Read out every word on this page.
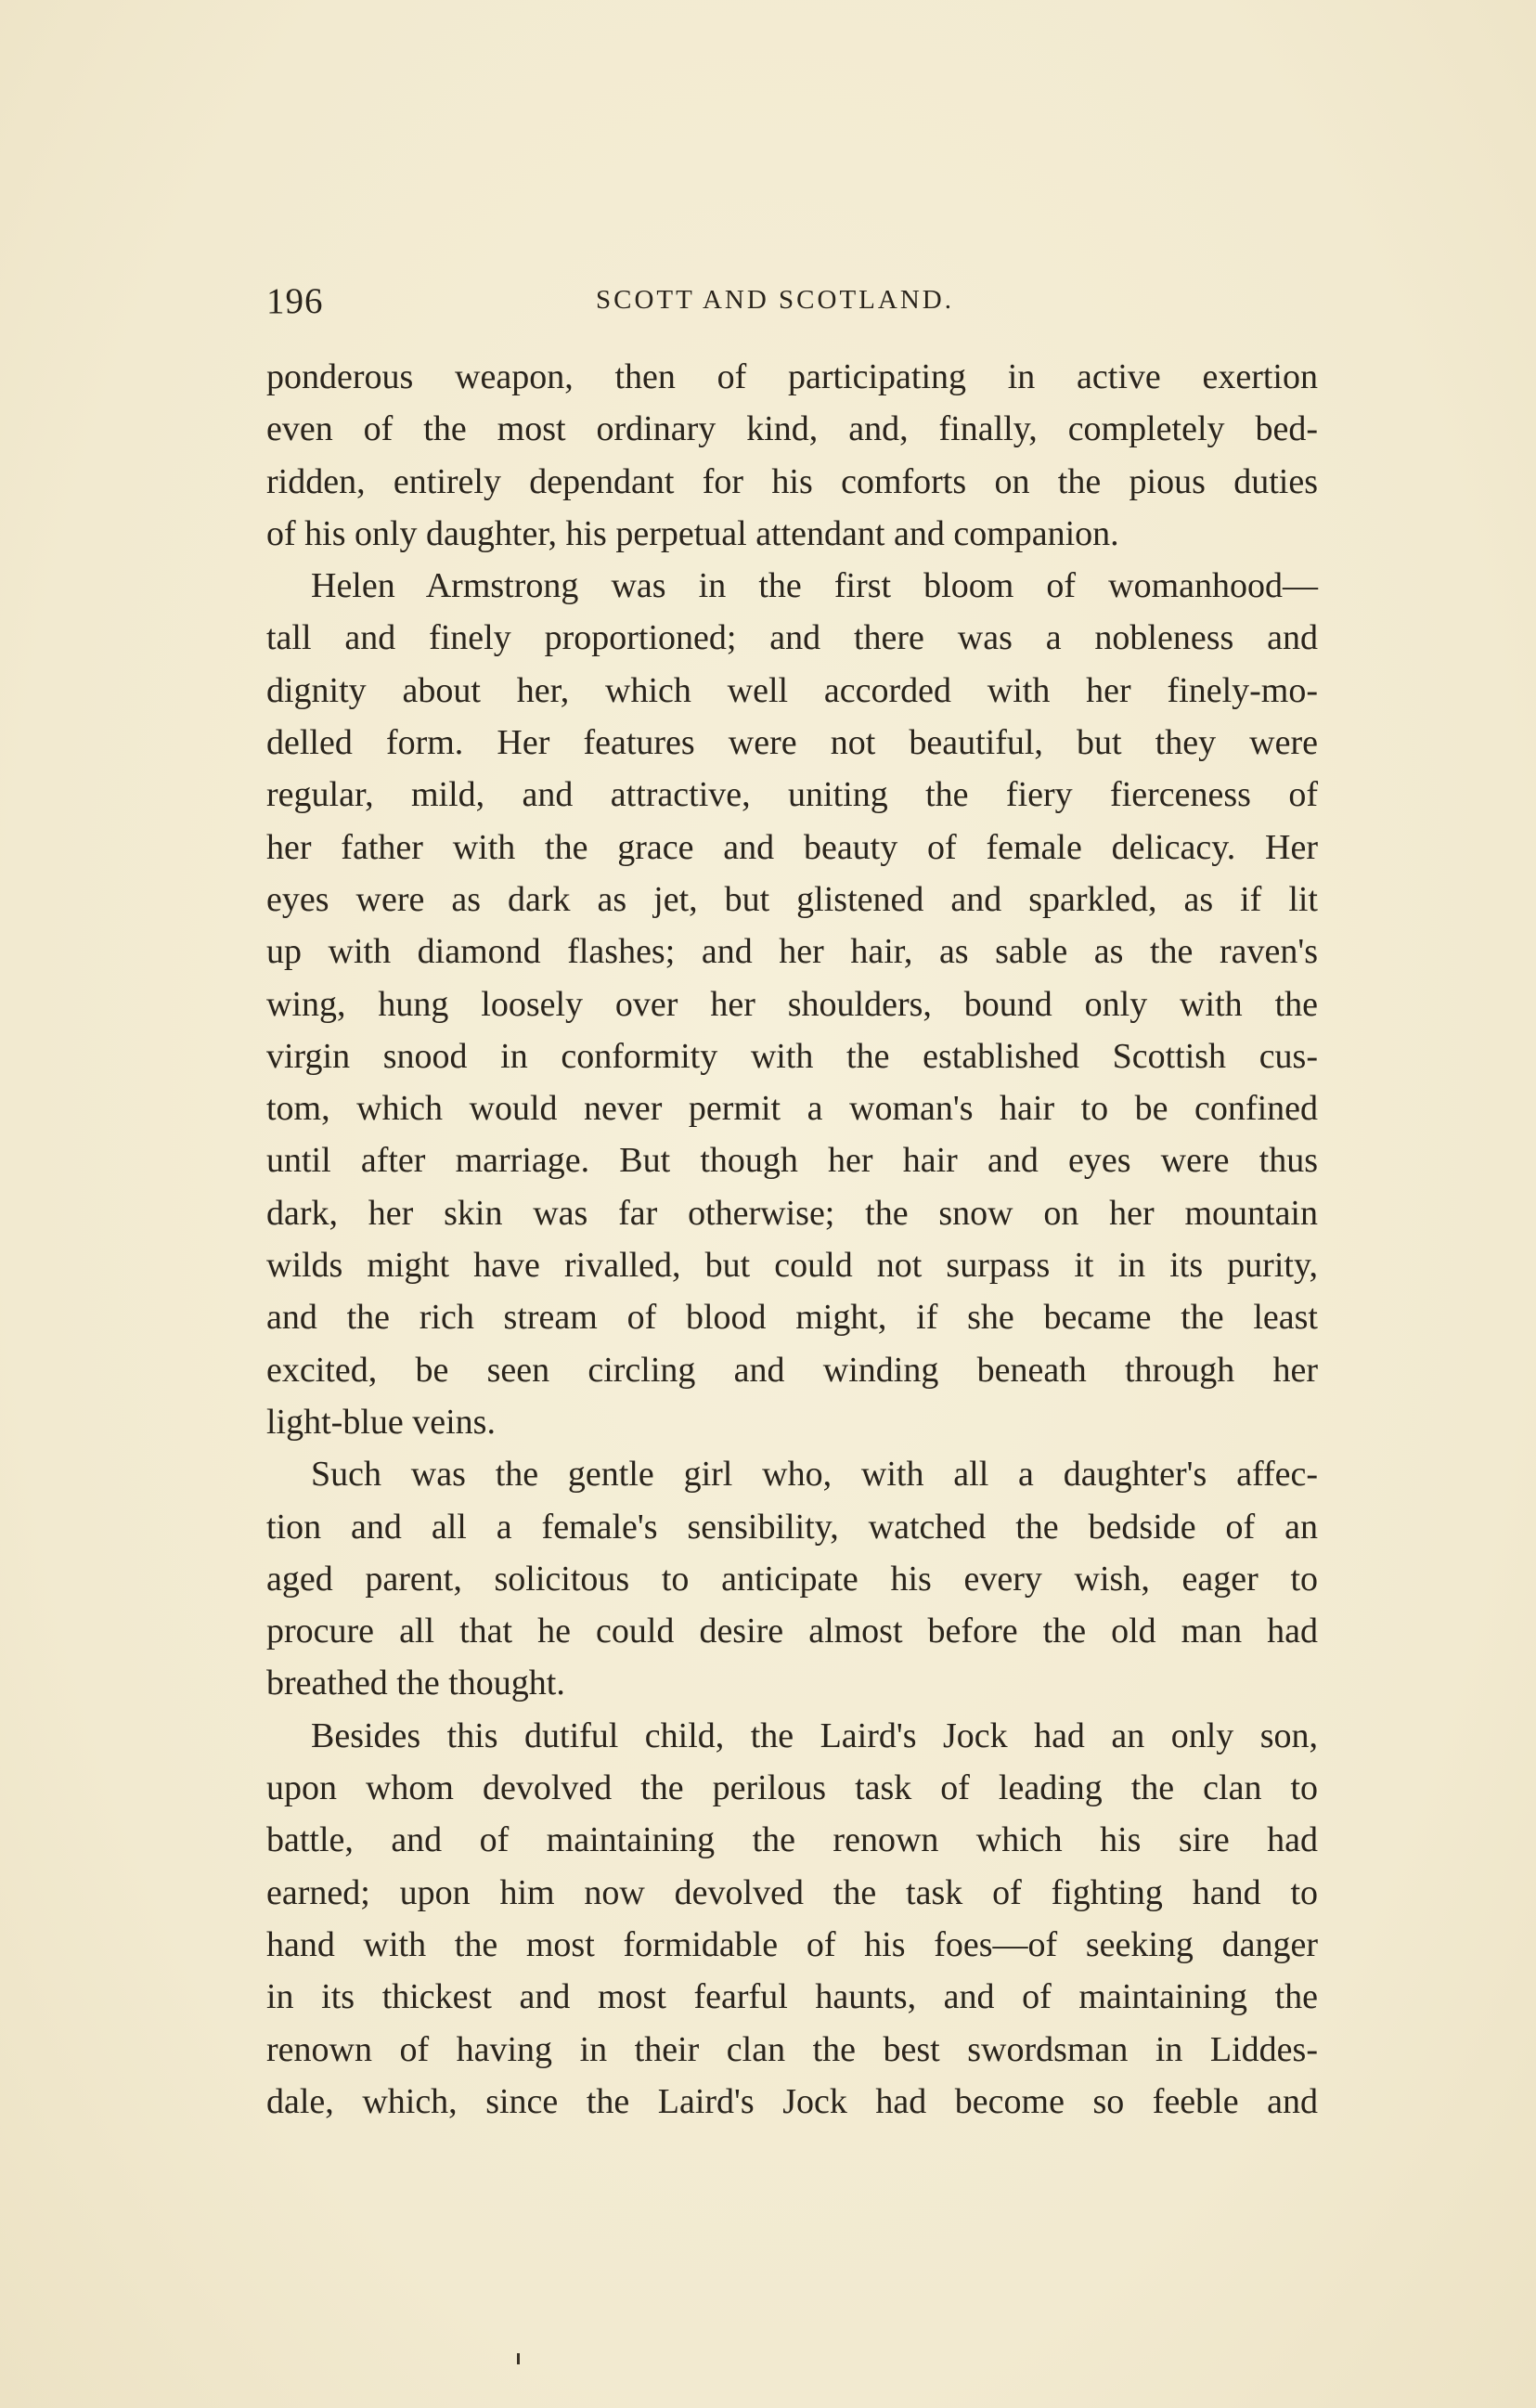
196	SCOTT AND SCOTLAND.
ponderous weapon, then of participating in active exertion
even of the most ordinary kind, and, finally, completely bed-
ridden, entirely dependant for his comforts on the pious duties
of his only daughter, his perpetual attendant and companion.
Helen Armstrong was in the first bloom of womanhood—
tall and finely proportioned; and there was a nobleness and
dignity about her, which well accorded with her finely-mo-
delled form. Her features were not beautiful, but they were
regular, mild, and attractive, uniting the fiery fierceness of
her father with the grace and beauty of female delicacy. Her
eyes were as dark as jet, but glistened and sparkled, as if lit
up with diamond flashes; and her hair, as sable as the raven's
wing, hung loosely over her shoulders, bound only with the
virgin snood in conformity with the established Scottish cus-
tom, which would never permit a woman's hair to be confined
until after marriage. But though her hair and eyes were thus
dark, her skin was far otherwise; the snow on her mountain
wilds might have rivalled, but could not surpass it in its purity,
and the rich stream of blood might, if she became the least
excited, be seen circling and winding beneath through her
light-blue veins.
Such was the gentle girl who, with all a daughter's affec-
tion and all a female's sensibility, watched the bedside of an
aged parent, solicitous to anticipate his every wish, eager to
procure all that he could desire almost before the old man had
breathed the thought.
Besides this dutiful child, the Laird's Jock had an only son,
upon whom devolved the perilous task of leading the clan to
battle, and of maintaining the renown which his sire had
earned; upon him now devolved the task of fighting hand to
hand with the most formidable of his foes—of seeking danger
in its thickest and most fearful haunts, and of maintaining the
renown of having in their clan the best swordsman in Liddes-
dale, which, since the Laird's Jock had become so feeble and
